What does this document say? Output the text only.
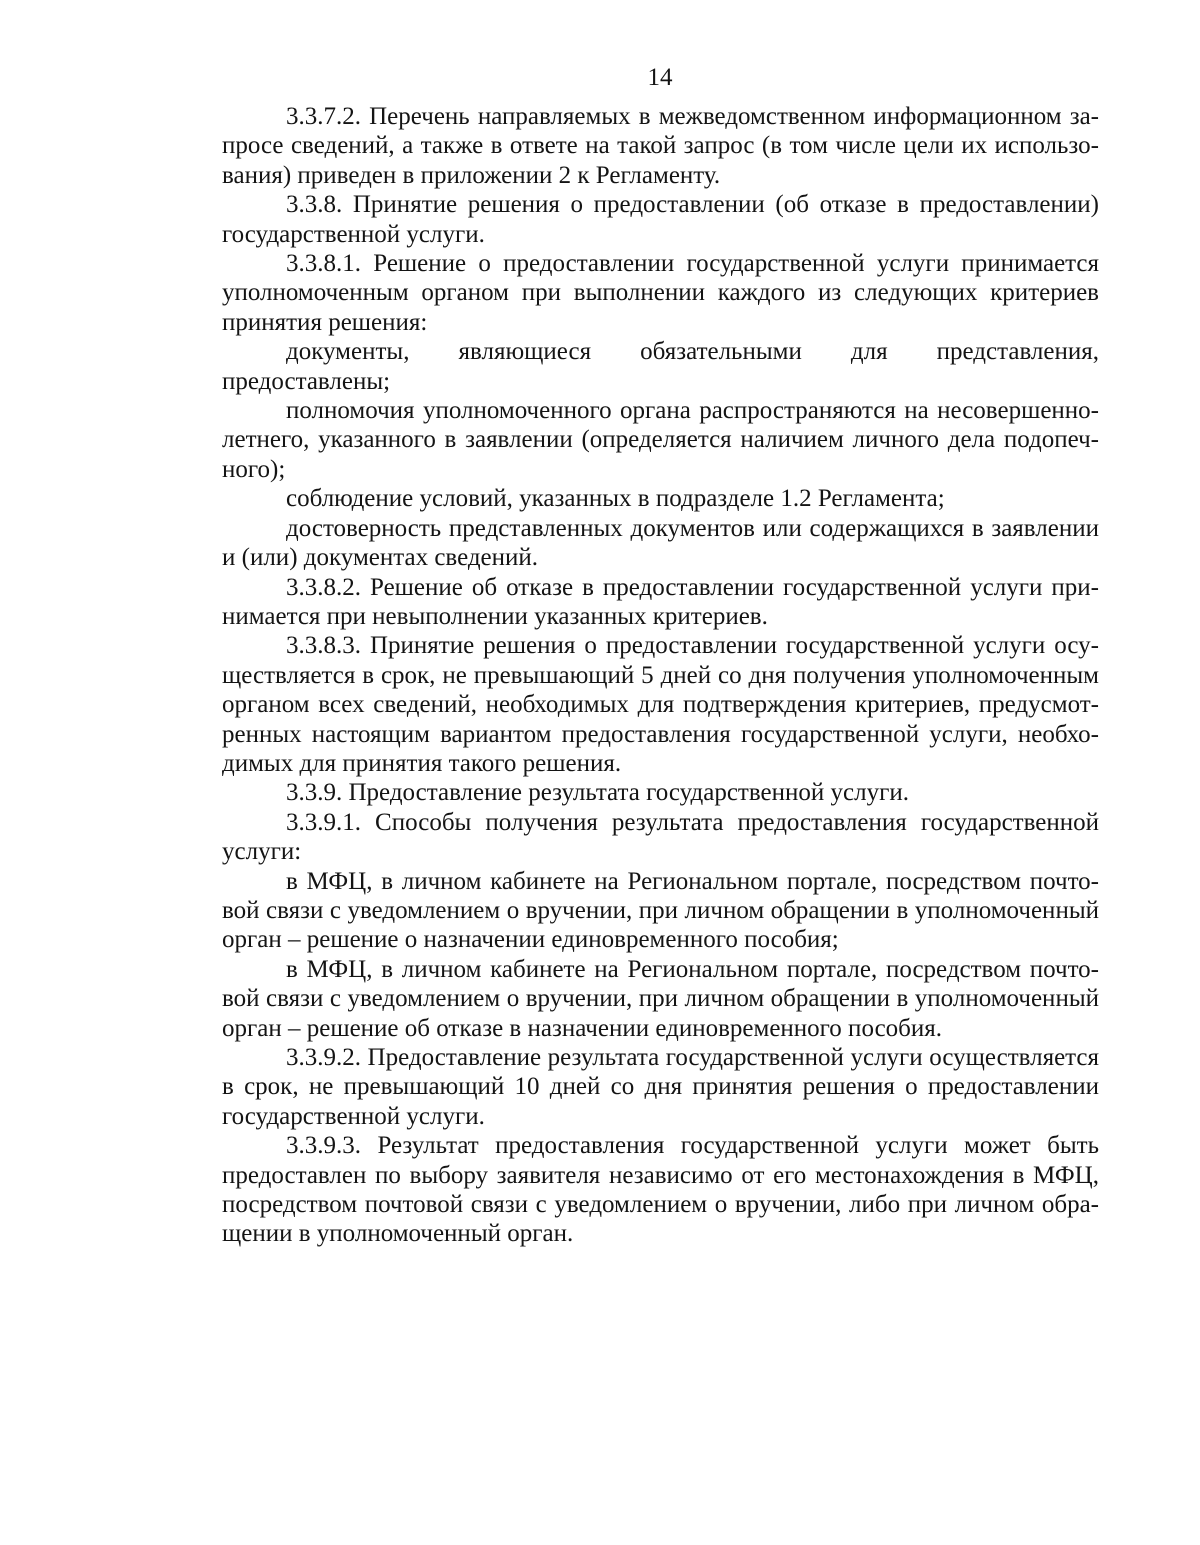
14

3.3.7.2. Перечень направляемых в межведомственном информационном запросе сведений, а также в ответе на такой запрос (в том числе цели их использования) приведен в приложении 2 к Регламенту.

3.3.8. Принятие решения о предоставлении (об отказе в предоставлении) государственной услуги.

3.3.8.1. Решение о предоставлении государственной услуги принимается уполномоченным органом при выполнении каждого из следующих критериев принятия решения:

документы, являющиеся обязательными для представления, предоставлены;

полномочия уполномоченного органа распространяются на несовершеннолетнего, указанного в заявлении (определяется наличием личного дела подопечного);

соблюдение условий, указанных в подразделе 1.2 Регламента;

достоверность представленных документов или содержащихся в заявлении и (или) документах сведений.

3.3.8.2. Решение об отказе в предоставлении государственной услуги принимается при невыполнении указанных критериев.

3.3.8.3. Принятие решения о предоставлении государственной услуги осуществляется в срок, не превышающий 5 дней со дня получения уполномоченным органом всех сведений, необходимых для подтверждения критериев, предусмотренных настоящим вариантом предоставления государственной услуги, необходимых для принятия такого решения.

3.3.9. Предоставление результата государственной услуги.

3.3.9.1. Способы получения результата предоставления государственной услуги:

в МФЦ, в личном кабинете на Региональном портале, посредством почтовой связи с уведомлением о вручении, при личном обращении в уполномоченный орган – решение о назначении единовременного пособия;

в МФЦ, в личном кабинете на Региональном портале, посредством почтовой связи с уведомлением о вручении, при личном обращении в уполномоченный орган – решение об отказе в назначении единовременного пособия.

3.3.9.2. Предоставление результата государственной услуги осуществляется в срок, не превышающий 10 дней со дня принятия решения о предоставлении государственной услуги.

3.3.9.3. Результат предоставления государственной услуги может быть предоставлен по выбору заявителя независимо от его местонахождения в МФЦ, посредством почтовой связи с уведомлением о вручении, либо при личном обращении в уполномоченный орган.
